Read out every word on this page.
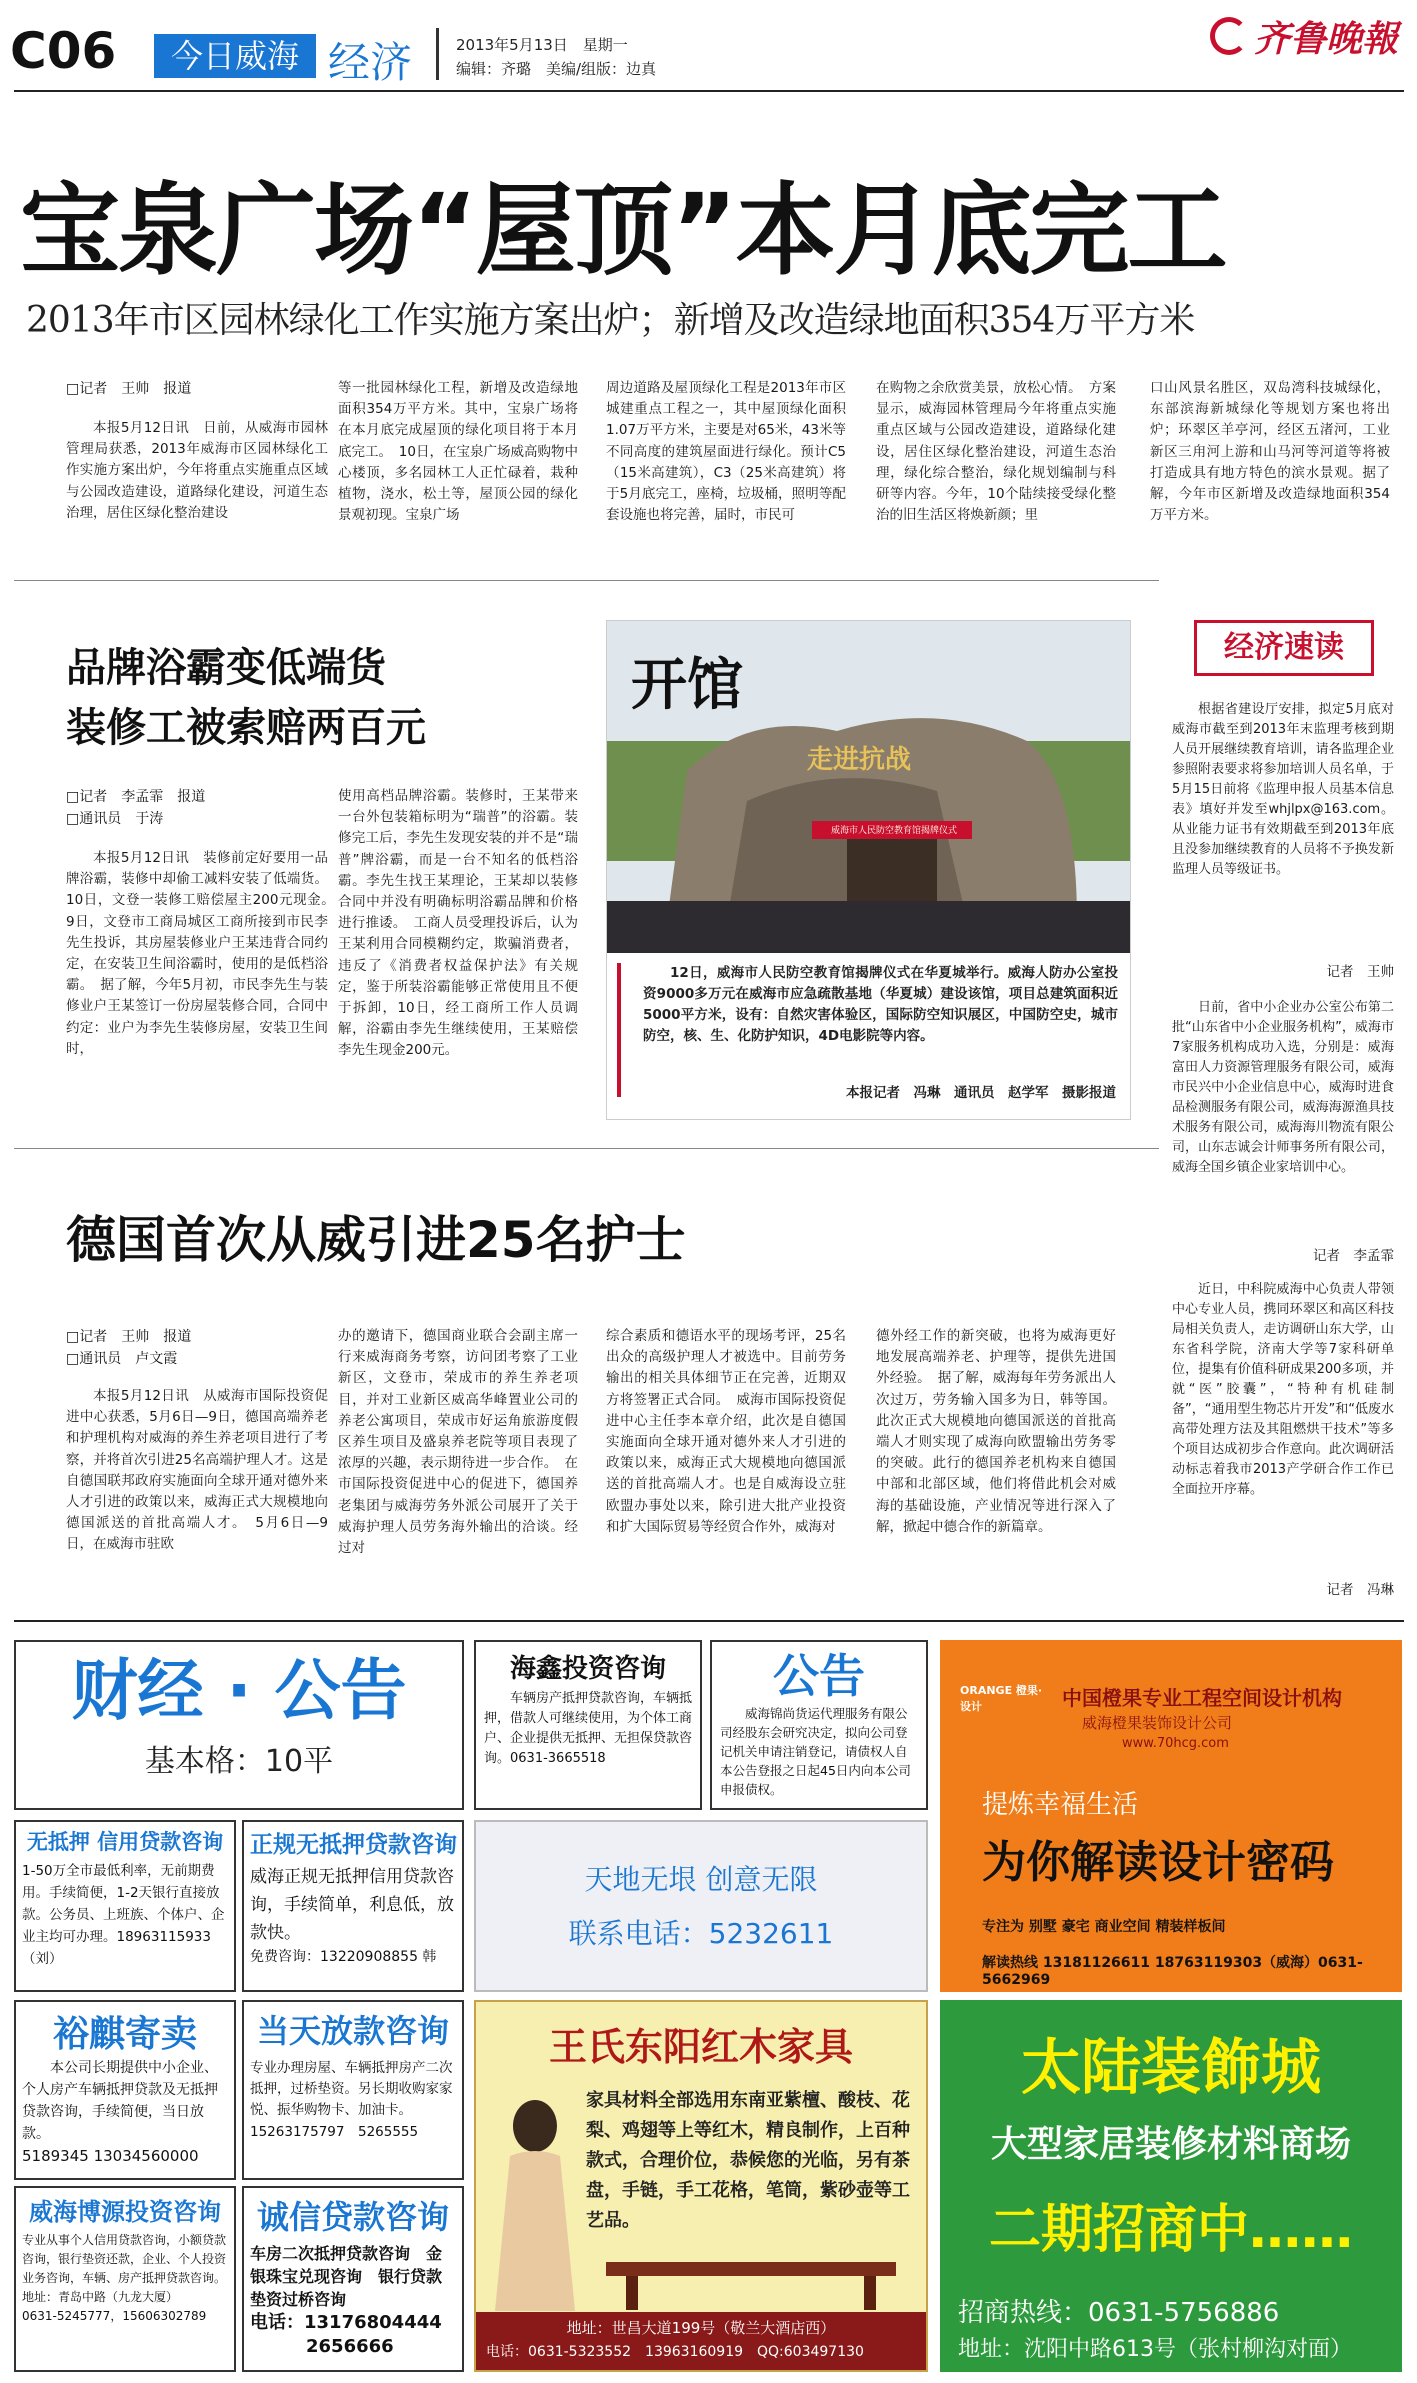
C06	今日威海 经济	2013年5月13日　星期一
编辑：齐璐　美编/组版：边真
齐鲁晚報
宝泉广场“屋顶”本月底完工
2013年市区园林绿化工作实施方案出炉；新增及改造绿地面积354万平方米
□记者　王帅　报道
本报5月12日讯　日前，从威海市园林管理局获悉，2013年威海市区园林绿化工作实施方案出炉，今年将重点实施重点区域与公园改造建设，道路绿化建设，河道生态治理，居住区绿化整治建设
等一批园林绿化工程，新增及改造绿地面积354万平方米。其中，宝泉广场将在本月底完成屋顶的绿化项目将于本月底完工。　10日，在宝泉广场威高购物中心楼顶，多名园林工人正忙碌着，栽种植物，浇水，松土等，屋顶公园的绿化景观初现。宝泉广场
周边道路及屋顶绿化工程是2013年市区城建重点工程之一，其中屋顶绿化面积1.07万平方米，主要是对65米，43米等不同高度的建筑屋面进行绿化。预计C5（15米高建筑），C3（25米高建筑）将于5月底完工，座椅，垃圾桶，照明等配套设施也将完善，届时，市民可
在购物之余欣赏美景，放松心情。　方案显示，威海园林管理局今年将重点实施重点区域与公园改造建设，道路绿化建设，居住区绿化整治建设，河道生态治理，绿化综合整治，绿化规划编制与科研等内容。今年，10个陆续接受绿化整治的旧生活区将焕新颜；里
口山风景名胜区，双岛湾科技城绿化，东部滨海新城绿化等规划方案也将出炉；环翠区羊亭河，经区五渚河，工业新区三甪河上游和山马河等河道等将被打造成具有地方特色的滨水景观。据了解，今年市区新增及改造绿地面积354万平方米。
品牌浴霸变低端货
装修工被索赔两百元
□记者　李孟霏　报道
□通讯员　于涛
本报5月12日讯　装修前定好要用一品牌浴霸，装修中却偷工减料安装了低端货。10日，文登一装修工赔偿屋主200元现金。　9日，文登市工商局城区工商所接到市民李先生投诉，其房屋装修业户王某违背合同约定，在安装卫生间浴霸时，使用的是低档浴霸。　据了解，今年5月初，市民李先生与装修业户王某签订一份房屋装修合同，合同中约定：业户为李先生装修房屋，安装卫生间时，
使用高档品牌浴霸。装修时，王某带来一台外包装箱标明为“瑞普”的浴霸。装修完工后，李先生发现安装的并不是“瑞普”牌浴霸，而是一台不知名的低档浴霸。李先生找王某理论，王某却以装修合同中并没有明确标明浴霸品牌和价格进行推诿。　工商人员受理投诉后，认为王某利用合同模糊约定，欺骗消费者，违反了《消费者权益保护法》有关规定，鉴于所装浴霸能够正常使用且不便于拆卸，10日，经工商所工作人员调解，浴霸由李先生继续使用，王某赔偿李先生现金200元。
开馆
走进抗战
威海市人民防空教育馆揭牌仪式
12日，威海市人民防空教育馆揭牌仪式在华夏城举行。威海人防办公室投资9000多万元在威海市应急疏散基地（华夏城）建设该馆，项目总建筑面积近5000平方米，设有：自然灾害体验区，国际防空知识展区，中国防空史，城市防空，核、生、化防护知识，4D电影院等内容。
本报记者　冯琳　通讯员　赵学军　摄影报道
经济速读
根据省建设厅安排，拟定5月底对威海市截至到2013年末监理考核到期人员开展继续教育培训，请各监理企业参照附表要求将参加培训人员名单，于5月15日前将《监理申报人员基本信息表》填好并发至whjlpx@163.com。从业能力证书有效期截至到2013年底且没参加继续教育的人员将不予换发新监理人员等级证书。
记者　王帅
日前，省中小企业办公室公布第二批“山东省中小企业服务机构”，威海市7家服务机构成功入选，分别是：威海富田人力资源管理服务有限公司，威海市民兴中小企业信息中心，威海时进食品检测服务有限公司，威海海源渔具技术服务有限公司，威海海川物流有限公司，山东志诚会计师事务所有限公司，威海全国乡镇企业家培训中心。
记者　李孟霏
近日，中科院威海中心负责人带领中心专业人员，携同环翠区和高区科技局相关负责人，走访调研山东大学，山东省科学院，济南大学等7家科研单位，提集有价值科研成果200多项，并就“医”胶囊”，“特种有机硅制备”，“通用型生物芯片开发”和“低废水高带处理方法及其阻燃烘干技术”等多个项目达成初步合作意向。此次调研活动标志着我市2013产学研合作工作已全面拉开序幕。
记者　冯琳
德国首次从威引进25名护士
□记者　王帅　报道
□通讯员　卢文霞
本报5月12日讯　从威海市国际投资促进中心获悉，5月6日—9日，德国高端养老和护理机构对威海的养生养老项目进行了考察，并将首次引进25名高端护理人才。这是自德国联邦政府实施面向全球开通对德外来人才引进的政策以来，威海正式大规模地向德国派送的首批高端人才。　5月6日—9日，在威海市驻欧
办的邀请下，德国商业联合会副主席一行来威海商务考察，访问团考察了工业新区，文登市，荣成市的养生养老项目，并对工业新区威高华峰置业公司的养老公寓项目，荣成市好运角旅游度假区养生项目及盛泉养老院等项目表现了浓厚的兴趣，表示期待进一步合作。　在市国际投资促进中心的促进下，德国养老集团与威海劳务外派公司展开了关于威海护理人员劳务海外输出的洽谈。经过对
综合素质和德语水平的现场考评，25名出众的高级护理人才被选中。目前劳务输出的相关具体细节正在完善，近期双方将签署正式合同。　威海市国际投资促进中心主任李本章介绍，此次是自德国实施面向全球开通对德外来人才引进的政策以来，威海正式大规模地向德国派送的首批高端人才。也是自威海设立驻欧盟办事处以来，除引进大批产业投资和扩大国际贸易等经贸合作外，威海对
德外经工作的新突破，也将为威海更好地发展高端养老、护理等，提供先进国外经验。　据了解，威海每年劳务派出人次过万，劳务输入国多为日，韩等国。此次正式大规模地向德国派送的首批高端人才则实现了威海向欧盟输出劳务零的突破。此行的德国养老机构来自德国中部和北部区域，他们将借此机会对威海的基础设施，产业情况等进行深入了解，掀起中德合作的新篇章。
财经 · 公告
基本格：10平
海鑫投资咨询
车辆房产抵押贷款咨询，车辆抵押，借款人可继续使用，为个体工商户、企业提供无抵押、无担保贷款咨询。0631-3665518
公告
威海锦尚货运代理服务有限公司经股东会研究决定，拟向公司登记机关申请注销登记，请债权人自本公告登报之日起45日内向本公司申报债权。
ORANGE 橙果·设计	中国橙果专业工程空间设计机构
威海橙果装饰设计公司
www.70hcg.com
提炼幸福生活
为你解读设计密码
专注为 别墅 豪宅 商业空间 精装样板间
解读热线 13181126611 18763119303（威海）0631-5662969
无抵押 信用贷款咨询
1-50万全市最低利率，无前期费用。手续简便，1-2天银行直接放款。公务员、上班族、个体户、企业主均可办理。18963115933（刘）
正规无抵押贷款咨询
威海正规无抵押信用贷款咨询，手续简单，利息低，放款快。
免费咨询：13220908855 韩
天地无垠 创意无限
联系电话：5232611
裕麒寄卖
本公司长期提供中小企业、个人房产车辆抵押贷款及无抵押贷款咨询，手续简便，当日放款。
5189345 13034560000
当天放款咨询
专业办理房屋、车辆抵押房产二次抵押，过桥垫资。另长期收购家家悦、振华购物卡、加油卡。
15263175797　5265555
王氏东阳红木家具
家具材料全部选用东南亚紫檀、酸枝、花梨、鸡翅等上等红木，精良制作，上百种款式，合理价位，恭候您的光临，另有茶盘，手链，手工花格，笔筒，紫砂壶等工艺品。
地址：世昌大道199号（敬兰大酒店西）
电话：0631-5323552　13963160919　QQ:603497130
太陆装飾城
大型家居装修材料商场
二期招商中……
招商热线：0631-5756886
地址：沈阳中路613号（张村柳沟对面）
威海博源投资咨询
专业从事个人信用贷款咨询，小额贷款咨询，银行垫资还款，企业、个人投资业务咨询，车辆、房产抵押贷款咨询。
地址：青岛中路（九龙大厦）
0631-5245777，15606302789
诚信贷款咨询
车房二次抵押贷款咨询　金银珠宝兑现咨询　银行贷款垫资过桥咨询
电话：13176804444
2656666
